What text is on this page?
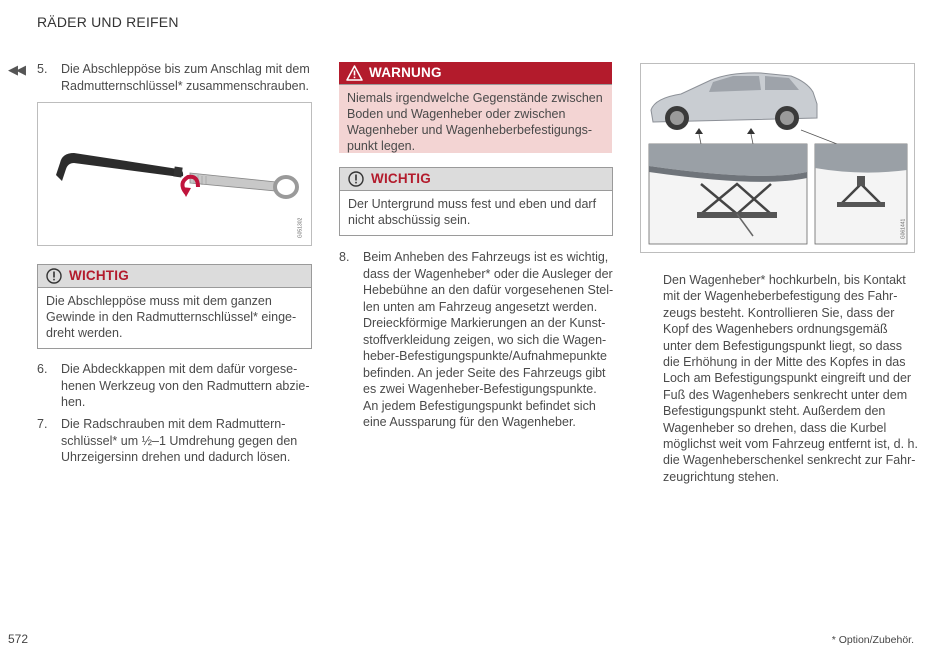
RÄDER UND REIFEN
◀◀ 5. Die Abschleppöse bis zum Anschlag mit dem
Radmutternschlüssel* zusammenschrauben.
G051302
WICHTIG
Die Abschleppöse muss mit dem ganzen
Gewinde in den Radmutternschlüssel* einge-
dreht werden.
6. Die Abdeckkappen mit dem dafür vorgese-
henen Werkzeug von den Radmuttern abzie-
hen.
7. Die Radschrauben mit dem Radmuttern-
schlüssel* um ½–1 Umdrehung gegen den
Uhrzeigersinn drehen und dadurch lösen.
WARNUNG
Niemals irgendwelche Gegenstände zwischen
Boden und Wagenheber oder zwischen
Wagenheber und Wagenheberbefestigungs-
punkt legen.
WICHTIG
Der Untergrund muss fest und eben und darf
nicht abschüssig sein.
8. Beim Anheben des Fahrzeugs ist es wichtig,
dass der Wagenheber* oder die Ausleger der
Hebebühne an den dafür vorgesehenen Stel-
len unten am Fahrzeug angesetzt werden.
Dreieckförmige Markierungen an der Kunst-
stoffverkleidung zeigen, wo sich die Wagen-
heber-Befestigungspunkte/Aufnahmepunkte
befinden. An jeder Seite des Fahrzeugs gibt
es zwei Wagenheber-Befestigungspunkte.
An jedem Befestigungspunkt befindet sich
eine Aussparung für den Wagenheber.
G061441
Den Wagenheber* hochkurbeln, bis Kontakt
mit der Wagenheberbefestigung des Fahr-
zeugs besteht. Kontrollieren Sie, dass der
Kopf des Wagenhebers ordnungsgemäß
unter dem Befestigungspunkt liegt, so dass
die Erhöhung in der Mitte des Kopfes in das
Loch am Befestigungspunkt eingreift und der
Fuß des Wagenhebers senkrecht unter dem
Befestigungspunkt steht. Außerdem den
Wagenheber so drehen, dass die Kurbel
möglichst weit vom Fahrzeug entfernt ist, d. h.
die Wagenheberschenkel senkrecht zur Fahr-
zeugrichtung stehen.
572	* Option/Zubehör.
